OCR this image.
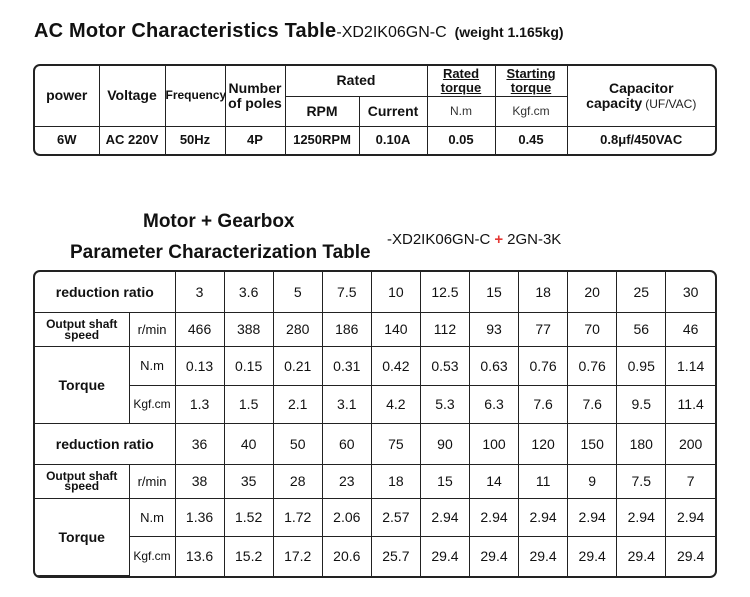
AC Motor Characteristics Table-XD2IK06GN-C (weight 1.165kg)
power	Voltage	Frequency	Number of poles	Rated		Rated torque	Starting torque	Capacitor capacity (UF/VAC)
				RPM	Current	N.m	Kgf.cm	
6W	AC 220V	50Hz	4P	1250RPM	0.10A	0.05	0.45	0.8μf/450VAC
Motor + Gearbox
Parameter Characterization Table
-XD2IK06GN-C + 2GN-3K
reduction ratio		3	3.6	5	7.5	10	12.5	15	18	20	25	30
Output shaft speed	r/min	466	388	280	186	140	112	93	77	70	56	46
Torque	N.m	0.13	0.15	0.21	0.31	0.42	0.53	0.63	0.76	0.76	0.95	1.14
	Kgf.cm	1.3	1.5	2.1	3.1	4.2	5.3	6.3	7.6	7.6	9.5	11.4
reduction ratio		36	40	50	60	75	90	100	120	150	180	200
Output shaft speed	r/min	38	35	28	23	18	15	14	11	9	7.5	7
Torque	N.m	1.36	1.52	1.72	2.06	2.57	2.94	2.94	2.94	2.94	2.94	2.94
	Kgf.cm	13.6	15.2	17.2	20.6	25.7	29.4	29.4	29.4	29.4	29.4	29.4
